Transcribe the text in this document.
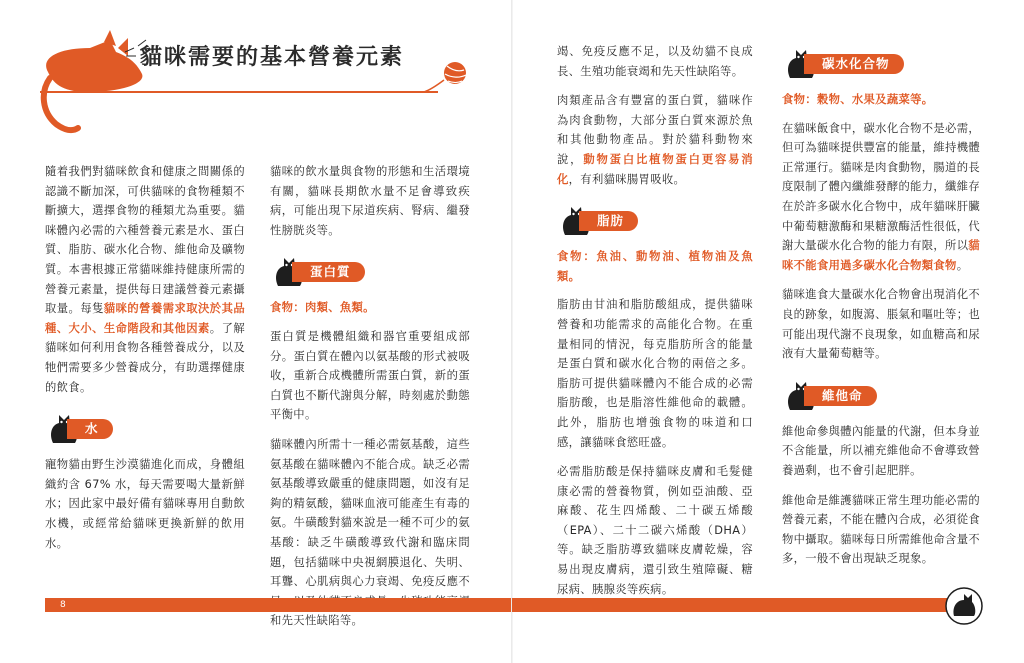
貓咪需要的基本營養元素

隨着我們對貓咪飲食和健康之間關係的認識不斷加深，可供貓咪的食物種類不斷擴大，選擇食物的種類尤為重要。貓咪體內必需的六種營養元素是水、蛋白質、脂肪、碳水化合物、維他命及礦物質。本書根據正常貓咪維持健康所需的營養元素量，提供每日建議營養元素攝取量。每隻貓咪的營養需求取決於其品種、大小、生命階段和其他因素。了解貓咪如何利用食物各種營養成分，以及牠們需要多少營養成分，有助選擇健康的飲食。

水

寵物貓由野生沙漠貓進化而成，身體組織約含 67% 水，每天需要喝大量新鮮水；因此家中最好備有貓咪專用自動飲水機，或經常給貓咪更換新鮮的飲用水。

貓咪的飲水量與食物的形態和生活環境有關，貓咪長期飲水量不足會導致疾病，可能出現下尿道疾病、腎病、繼發性膀胱炎等。

蛋白質
食物：肉類、魚類。

蛋白質是機體組織和器官重要組成部分。蛋白質在體內以氨基酸的形式被吸收，重新合成機體所需蛋白質，新的蛋白質也不斷代謝與分解，時刻處於動態平衡中。

貓咪體內所需十一種必需氨基酸，這些氨基酸在貓咪體內不能合成。缺乏必需氨基酸導致嚴重的健康問題，如沒有足夠的精氨酸，貓咪血液可能產生有毒的氨。牛磺酸對貓來說是一種不可少的氨基酸：缺乏牛磺酸導致代謝和臨床問題，包括貓咪中央視網膜退化、失明、耳聾、心肌病與心力衰竭、免疫反應不 和先天性缺陷等。

8

竭、免疫反應不足，以及幼貓不良成長、生殖功能衰竭和先天性缺陷等。

肉類產品含有豐富的蛋白質，貓咪作為肉食動物，大部分蛋白質來源於魚和其他動物產品。對於貓科動物來說，動物蛋白比植物蛋白更容易消化，有利貓咪腸胃吸收。

脂肪
食物：魚油、動物油、植物油及魚類。

脂肪由甘油和脂肪酸組成，提供貓咪營養和功能需求的高能化合物。在重量相同的情況，每克脂肪所含的能量是蛋白質和碳水化合物的兩倍之多。脂肪可提供貓咪體內不能合成的必需脂肪酸，也是脂溶性維他命的載體。此外，脂肪也增強食物的味道和口感，讓貓咪食慾旺盛。

必需脂肪酸是保持貓咪皮膚和毛髮健康必需的營養物質，例如亞油酸、亞麻酸、花生四烯酸、二十碳五烯酸（EPA）、二十二碳六烯酸（DHA）等。缺乏脂肪導致貓咪皮膚乾燥，容易出現皮膚病，還引致生殖障礙、糖尿病、胰腺炎等疾病。

碳水化合物
食物：穀物、水果及蔬菜等。

在貓咪飯食中，碳水化合物不是必需，但可為貓咪提供豐富的能量，維持機體正常運行。貓咪是肉食動物，腸道的長度限制了體內纖維發酵的能力，纖維存在於許多碳水化合物中，成年貓咪肝臟中葡萄糖激酶和果糖激酶活性很低，代謝大量碳水化合物的能力有限，所以貓咪不能食用過多碳水化合物類食物。

貓咪進食大量碳水化合物會出現消化不良的跡象，如腹瀉、脹氣和嘔吐等；也可能出現代謝不良現象，如血糖高和尿液有大量葡萄糖等。

維他命

維他命參與體內能量的代謝，但本身並不含能量，所以補充維他命不會導致營養過剩，也不會引起肥胖。

維他命是維護貓咪正常生理功能必需的營養元素，不能在體內合成，必須從食物中攝取。貓咪每日所需維他命含量不多，一般不會出現缺乏現象。

9
